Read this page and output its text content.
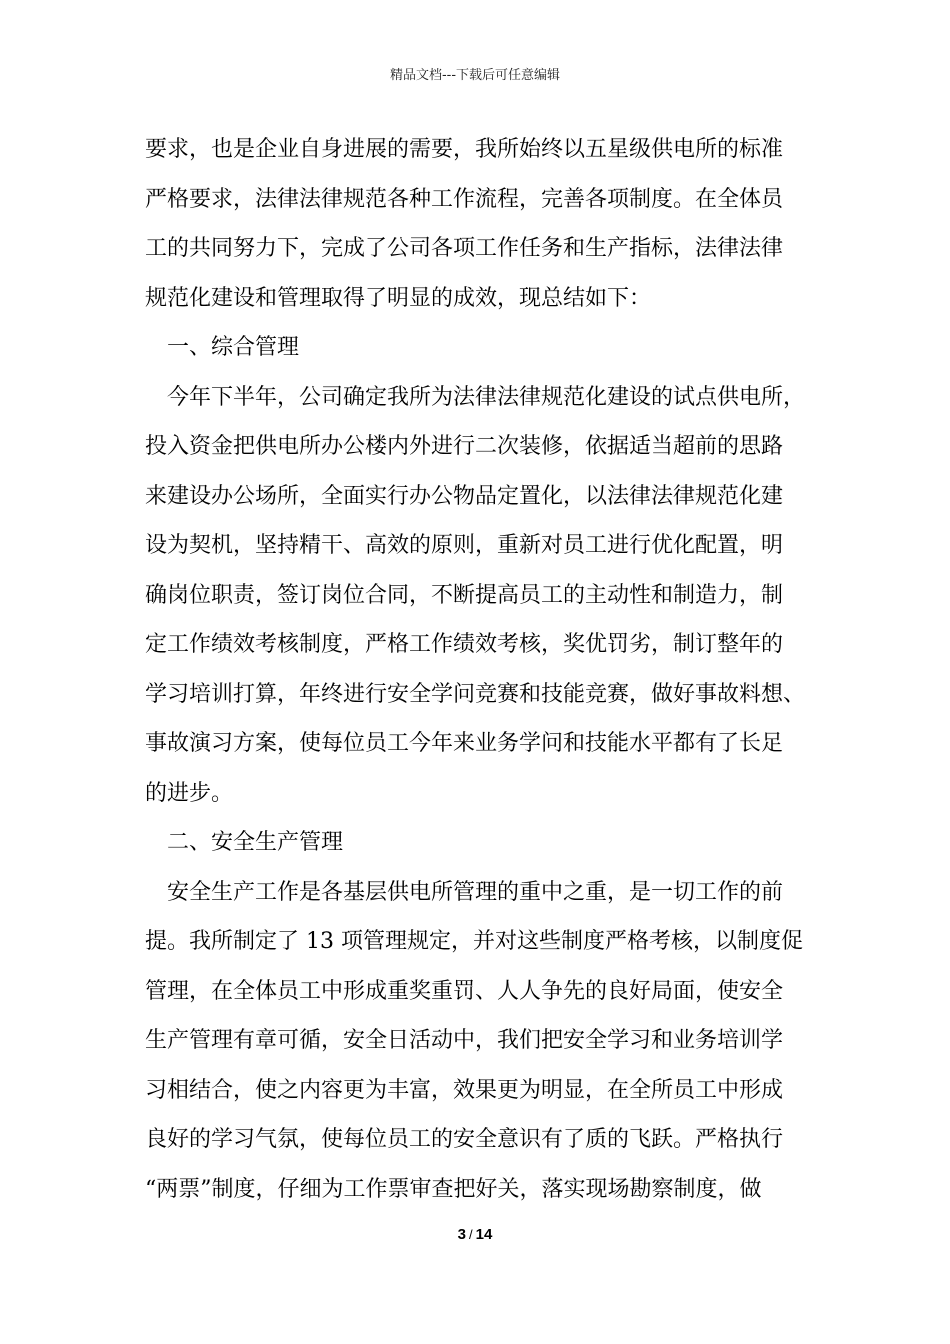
精品文档---下载后可任意编辑
要求，也是企业自身进展的需要，我所始终以五星级供电所的标准
严格要求，法律法律规范各种工作流程，完善各项制度。在全体员
工的共同努力下，完成了公司各项工作任务和生产指标，法律法律
规范化建设和管理取得了明显的成效，现总结如下：
　一、综合管理
　今年下半年，公司确定我所为法律法律规范化建设的试点供电所，
投入资金把供电所办公楼内外进行二次装修，依据适当超前的思路
来建设办公场所，全面实行办公物品定置化，以法律法律规范化建
设为契机，坚持精干、高效的原则，重新对员工进行优化配置，明
确岗位职责，签订岗位合同，不断提高员工的主动性和制造力，制
定工作绩效考核制度，严格工作绩效考核，奖优罚劣，制订整年的
学习培训打算，年终进行安全学问竞赛和技能竞赛，做好事故料想、
事故演习方案，使每位员工今年来业务学问和技能水平都有了长足
的进步。
　二、安全生产管理
　安全生产工作是各基层供电所管理的重中之重，是一切工作的前
提。我所制定了 13 项管理规定，并对这些制度严格考核，以制度促
管理，在全体员工中形成重奖重罚、人人争先的良好局面，使安全
生产管理有章可循，安全日活动中，我们把安全学习和业务培训学
习相结合，使之内容更为丰富，效果更为明显，在全所员工中形成
良好的学习气氛，使每位员工的安全意识有了质的飞跃。严格执行
“两票”制度，仔细为工作票审查把好关，落实现场勘察制度，做
3 / 14
